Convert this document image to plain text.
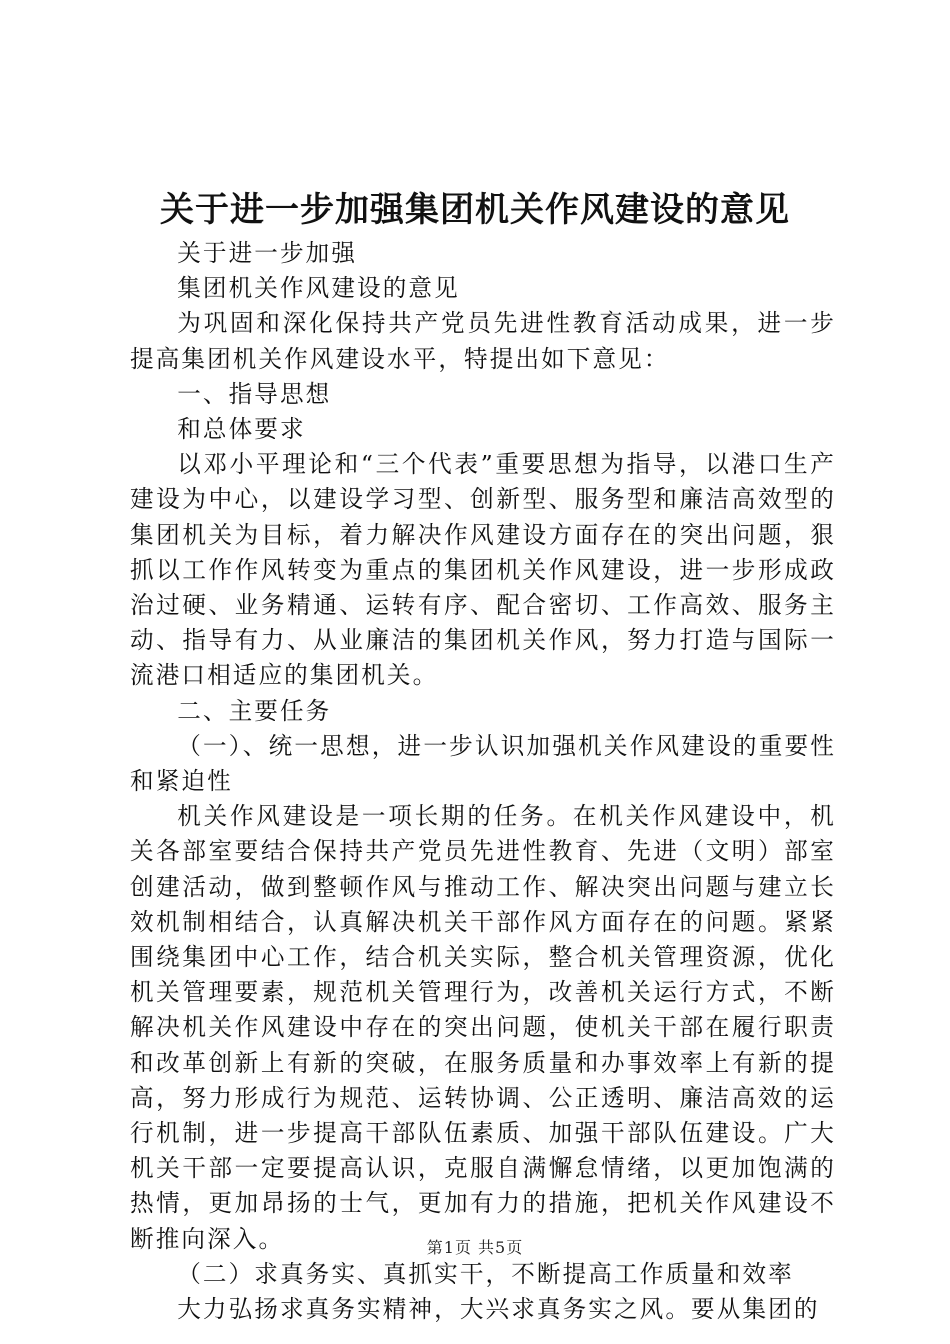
关于进一步加强集团机关作风建设的意见

关于进一步加强

集团机关作风建设的意见

为巩固和深化保持共产党员先进性教育活动成果，进一步提高集团机关作风建设水平，特提出如下意见：

一、指导思想

和总体要求

以邓小平理论和“三个代表”重要思想为指导，以港口生产建设为中心，以建设学习型、创新型、服务型和廉洁高效型的集团机关为目标，着力解决作风建设方面存在的突出问题，狠抓以工作作风转变为重点的集团机关作风建设，进一步形成政治过硬、业务精通、运转有序、配合密切、工作高效、服务主动、指导有力、从业廉洁的集团机关作风，努力打造与国际一流港口相适应的集团机关。

二、主要任务

（一）、统一思想，进一步认识加强机关作风建设的重要性和紧迫性

机关作风建设是一项长期的任务。在机关作风建设中，机关各部室要结合保持共产党员先进性教育、先进（文明）部室创建活动，做到整顿作风与推动工作、解决突出问题与建立长效机制相结合，认真解决机关干部作风方面存在的问题。紧紧围绕集团中心工作，结合机关实际，整合机关管理资源，优化机关管理要素，规范机关管理行为，改善机关运行方式，不断解决机关作风建设中存在的突出问题，使机关干部在履行职责和改革创新上有新的突破，在服务质量和办事效率上有新的提高，努力形成行为规范、运转协调、公正透明、廉洁高效的运行机制，进一步提高干部队伍素质、加强干部队伍建设。广大机关干部一定要提高认识，克服自满懈怠情绪，以更加饱满的热情，更加昂扬的士气，更加有力的措施，把机关作风建设不断推向深入。

（二）求真务实、真抓实干，不断提高工作质量和效率

大力弘扬求真务实精神，大兴求真务实之风。要从集团的

第1页 共5页
